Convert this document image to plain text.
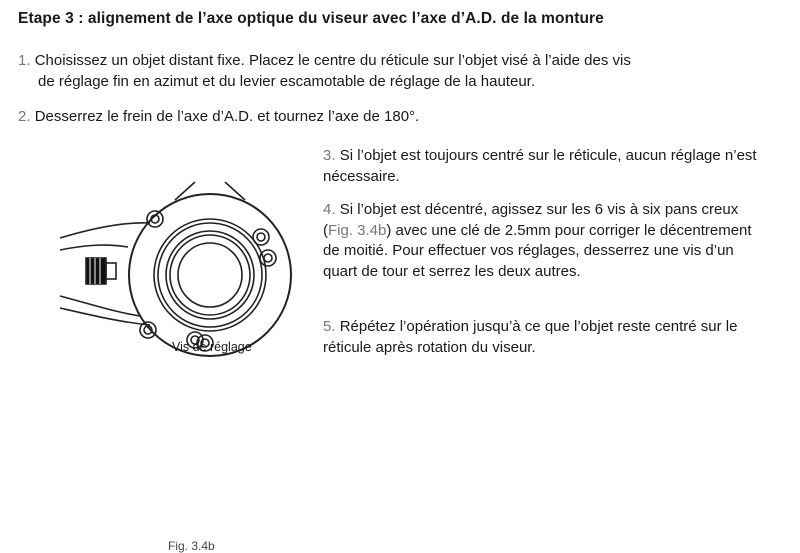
Etape 3 : alignement de l’axe optique du viseur avec l’axe d’A.D. de la monture
1. Choisissez un objet distant fixe. Placez le centre du réticule sur l’objet visé à l’aide des vis
de réglage fin en azimut et du levier escamotable de réglage de la hauteur.
2. Desserrez le frein de l’axe d’A.D. et tournez l’axe de 180°.
Vis de réglage
Fig. 3.4b
3. Si l’objet est toujours centré sur le réticule, aucun réglage n’est nécessaire.
4. Si l’objet est décentré, agissez sur les 6 vis à six pans creux (Fig. 3.4b) avec une clé de 2.5mm pour corriger le décentrement de moitié. Pour effectuer vos réglages, desserrez une vis d’un quart de tour et serrez les deux autres.
5. Répétez l’opération jusqu’à ce que l’objet reste centré sur le réticule après rotation du viseur.
